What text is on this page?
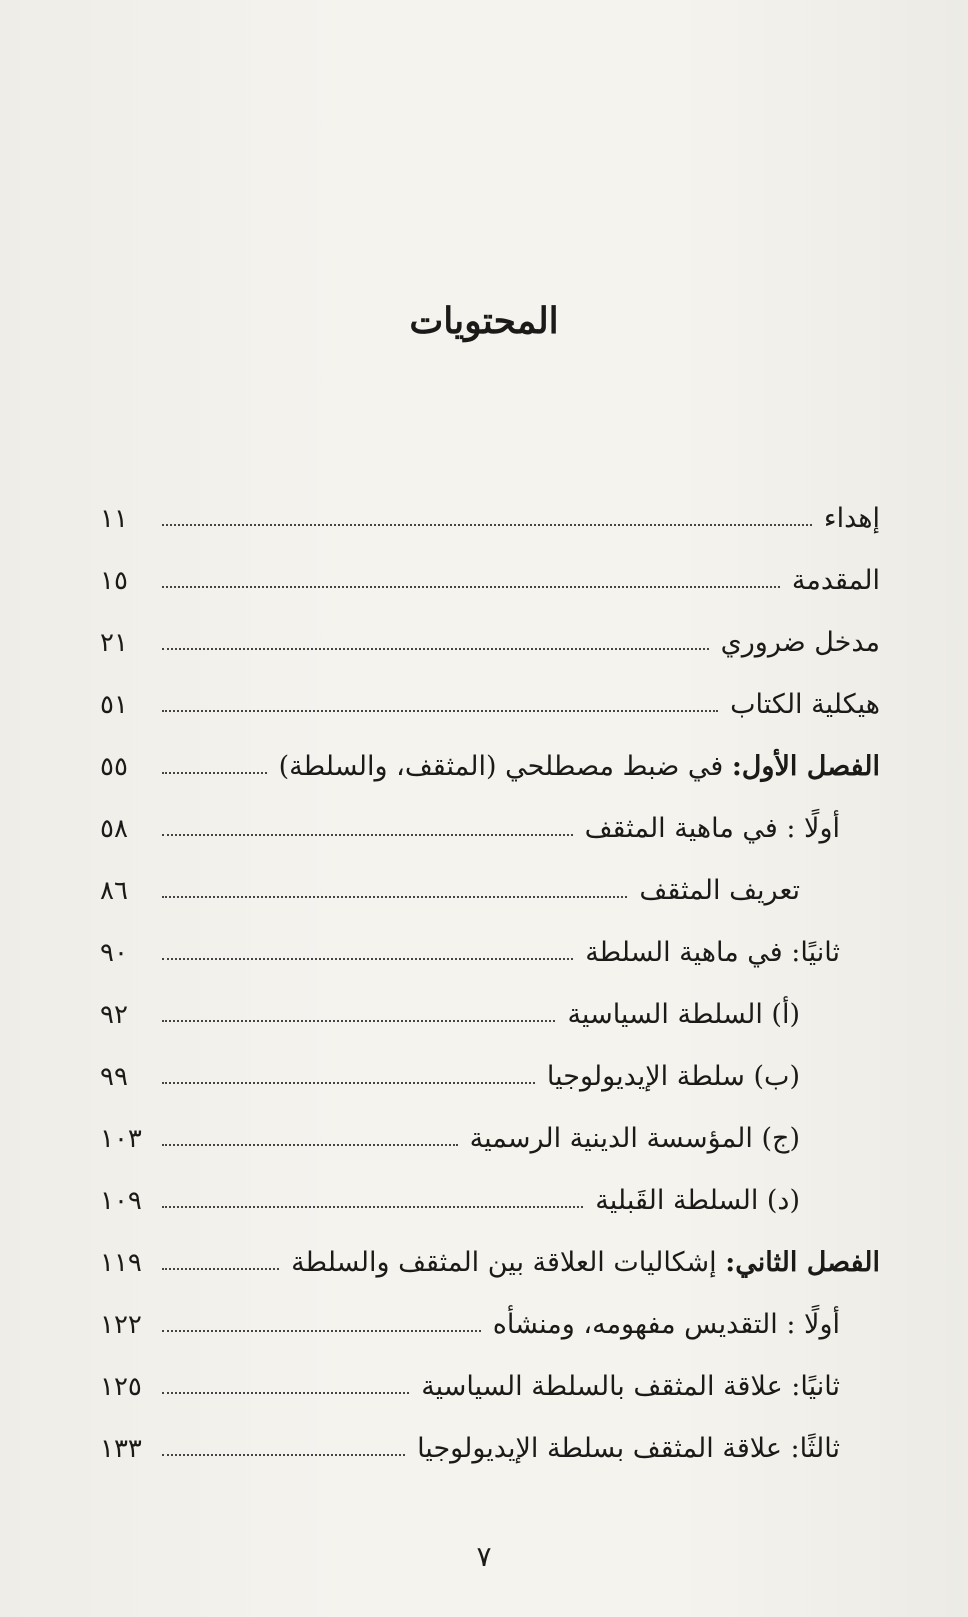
المحتويات
إهداء
١١
المقدمة
١٥
مدخل ضروري
٢١
هيكلية الكتاب
٥١
الفصل الأول: في ضبط مصطلحي (المثقف، والسلطة)
٥٥
أولًا : في ماهية المثقف
٥٨
تعريف المثقف
٨٦
ثانيًا: في ماهية السلطة
٩٠
(أ) السلطة السياسية
٩٢
(ب) سلطة الإيديولوجيا
٩٩
(ج) المؤسسة الدينية الرسمية
١٠٣
(د) السلطة القَبلية
١٠٩
الفصل الثاني: إشكاليات العلاقة بين المثقف والسلطة
١١٩
أولًا : التقديس مفهومه، ومنشأه
١٢٢
ثانيًا: علاقة المثقف بالسلطة السياسية
١٢٥
ثالثًا: علاقة المثقف بسلطة الإيديولوجيا
١٣٣
٧
